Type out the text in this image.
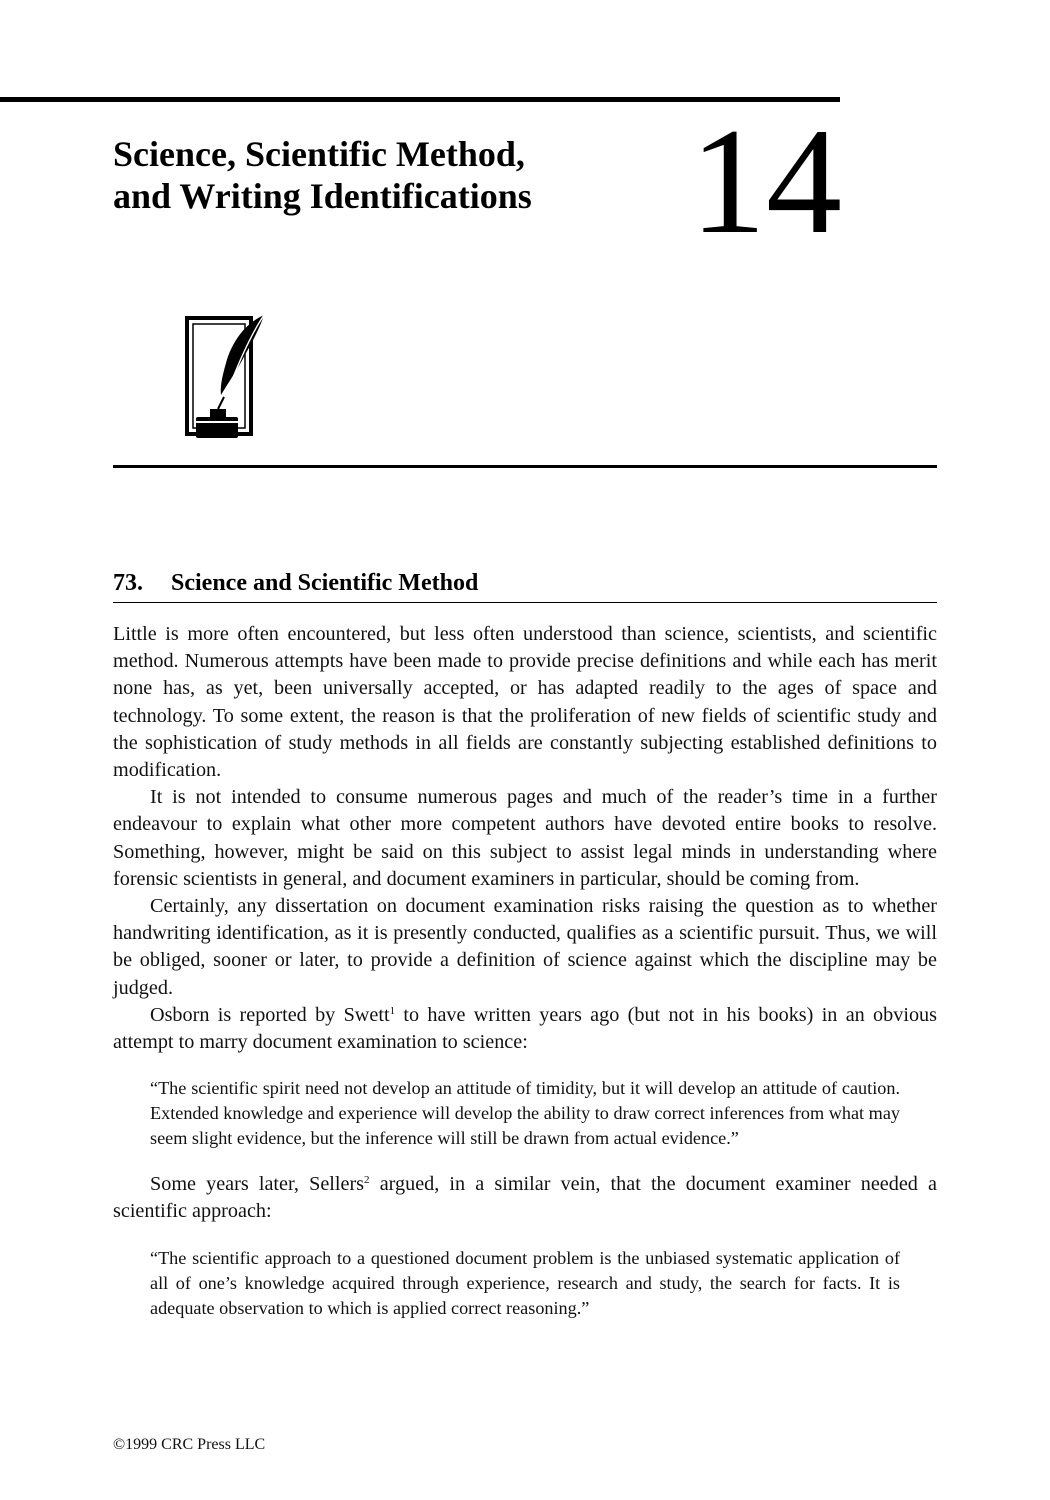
Science, Scientific Method, and Writing Identifications 14
73. Science and Scientific Method

Little is more often encountered, but less often understood than science, scientists, and scientific method. Numerous attempts have been made to provide precise definitions and while each has merit none has, as yet, been universally accepted, or has adapted readily to the ages of space and technology. To some extent, the reason is that the proliferation of new fields of scientific study and the sophistication of study methods in all fields are constantly subjecting established definitions to modification.

It is not intended to consume numerous pages and much of the reader’s time in a further endeavour to explain what other more competent authors have devoted entire books to resolve. Something, however, might be said on this subject to assist legal minds in understanding where forensic scientists in general, and document examiners in particular, should be coming from.

Certainly, any dissertation on document examination risks raising the question as to whether handwriting identification, as it is presently conducted, qualifies as a scientific pursuit. Thus, we will be obliged, sooner or later, to provide a definition of science against which the discipline may be judged.

Osborn is reported by Swett$^1$ to have written years ago (but not in his books) in an obvious attempt to marry document examination to science:

“The scientific spirit need not develop an attitude of timidity, but it will develop an attitude of caution. Extended knowledge and experience will develop the ability to draw correct inferences from what may seem slight evidence, but the inference will still be drawn from actual evidence.”

Some years later, Sellers$^2$ argued, in a similar vein, that the document examiner needed a scientific approach:

“The scientific approach to a questioned document problem is the unbiased systematic application of all of one’s knowledge acquired through experience, research and study, the search for facts. It is adequate observation to which is applied correct reasoning.”
©1999 CRC Press LLC
